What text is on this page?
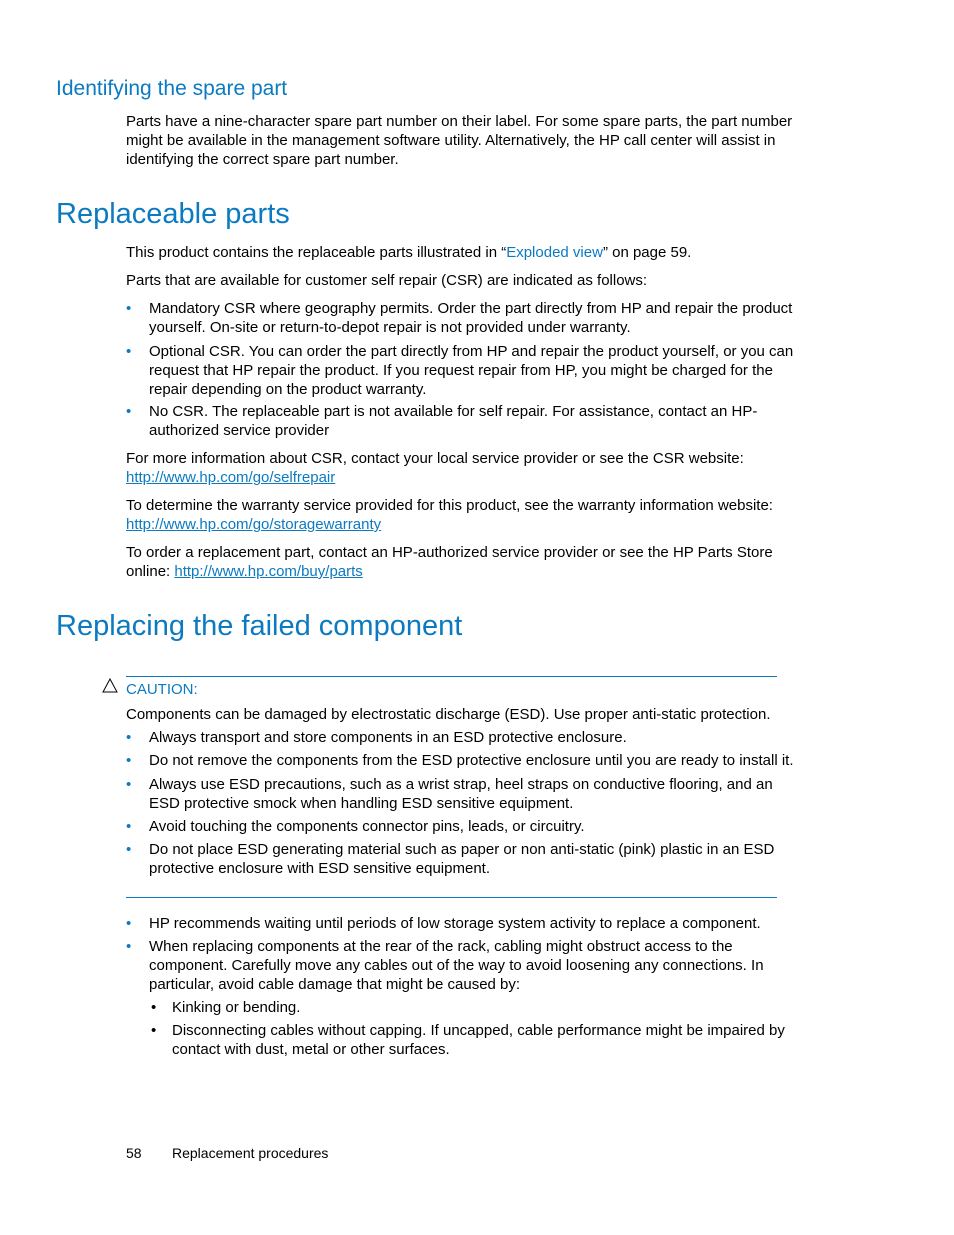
Identifying the spare part

Parts have a nine-character spare part number on their label. For some spare parts, the part number might be available in the management software utility. Alternatively, the HP call center will assist in identifying the correct spare part number.

Replaceable parts
This product contains the replaceable parts illustrated in “Exploded view” on page 59.

Parts that are available for customer self repair (CSR) are indicated as follows:

• Mandatory CSR where geography permits. Order the part directly from HP and repair the product yourself. On-site or return-to-depot repair is not provided under warranty.
• Optional CSR. You can order the part directly from HP and repair the product yourself, or you can request that HP repair the product. If you request repair from HP, you might be charged for the repair depending on the product warranty.
• No CSR. The replaceable part is not available for self repair. For assistance, contact an HP-authorized service provider
For more information about CSR, contact your local service provider or see the CSR website: http://www.hp.com/go/selfrepair
To determine the warranty service provided for this product, see the warranty information website:
http://www.hp.com/go/storagewarranty
To order a replacement part, contact an HP-authorized service provider or see the HP Parts Store online: http://www.hp.com/buy/parts
Replacing the failed component
CAUTION:

Components can be damaged by electrostatic discharge (ESD). Use proper anti-static protection.

• Always transport and store components in an ESD protective enclosure.
• Do not remove the components from the ESD protective enclosure until you are ready to install it.
• Always use ESD precautions, such as a wrist strap, heel straps on conductive flooring, and an ESD protective smock when handling ESD sensitive equipment.
• Avoid touching the components connector pins, leads, or circuitry.
• Do not place ESD generating material such as paper or non anti-static (pink) plastic in an ESD protective enclosure with ESD sensitive equipment.
• HP recommends waiting until periods of low storage system activity to replace a component.
• When replacing components at the rear of the rack, cabling might obstruct access to the component. Carefully move any cables out of the way to avoid loosening any connections. In particular, avoid cable damage that might be caused by:
• Kinking or bending.
• Disconnecting cables without capping. If uncapped, cable performance might be impaired by contact with dust, metal or other surfaces.
58 Replacement procedures
